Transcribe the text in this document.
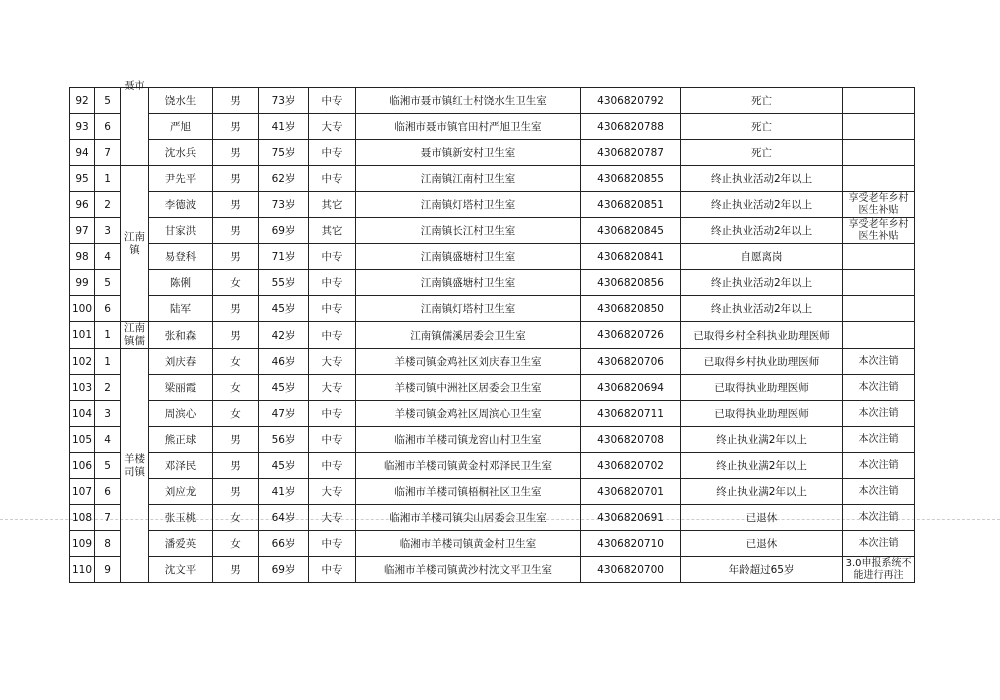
92	5	聂市	饶水生	男	73岁	中专	临湘市聂市镇红士村饶水生卫生室	4306820792	死亡	
93	6		严旭	男	41岁	大专	临湘市聂市镇官田村严旭卫生室	4306820788	死亡	
94	7		沈水兵	男	75岁	中专	聂市镇新安村卫生室	4306820787	死亡	
95	1	江南镇	尹先平	男	62岁	中专	江南镇江南村卫生室	4306820855	终止执业活动2年以上	
96	2		李德波	男	73岁	其它	江南镇灯塔村卫生室	4306820851	终止执业活动2年以上	享受老年乡村医生补贴
97	3		甘家洪	男	69岁	其它	江南镇长江村卫生室	4306820845	终止执业活动2年以上	享受老年乡村医生补贴
98	4		易登科	男	71岁	中专	江南镇盛塘村卫生室	4306820841	自愿离岗	
99	5		陈俐	女	55岁	中专	江南镇盛塘村卫生室	4306820856	终止执业活动2年以上	
100	6		陆军	男	45岁	中专	江南镇灯塔村卫生室	4306820850	终止执业活动2年以上	
101	1	江南镇儒	张和森	男	42岁	中专	江南镇儒溪居委会卫生室	4306820726	已取得乡村全科执业助理医师	
102	1	羊楼司镇	刘庆春	女	46岁	大专	羊楼司镇金鸡社区刘庆春卫生室	4306820706	已取得乡村执业助理医师	本次注销
103	2		梁丽霞	女	45岁	大专	羊楼司镇中洲社区居委会卫生室	4306820694	已取得执业助理医师	本次注销
104	3		周滨心	女	47岁	中专	羊楼司镇金鸡社区周滨心卫生室	4306820711	已取得执业助理医师	本次注销
105	4		熊正球	男	56岁	中专	临湘市羊楼司镇龙窖山村卫生室	4306820708	终止执业满2年以上	本次注销
106	5		邓泽民	男	45岁	中专	临湘市羊楼司镇黄金村邓泽民卫生室	4306820702	终止执业满2年以上	本次注销
107	6		刘应龙	男	41岁	大专	临湘市羊楼司镇梧桐社区卫生室	4306820701	终止执业满2年以上	本次注销
108	7		张玉桃	女	64岁	大专	临湘市羊楼司镇尖山居委会卫生室	4306820691	已退休	本次注销
109	8		潘爱英	女	66岁	中专	临湘市羊楼司镇黄金村卫生室	4306820710	已退休	本次注销
110	9		沈文平	男	69岁	中专	临湘市羊楼司镇黄沙村沈文平卫生室	4306820700	年龄超过65岁	3.0申报系统不能进行再注
